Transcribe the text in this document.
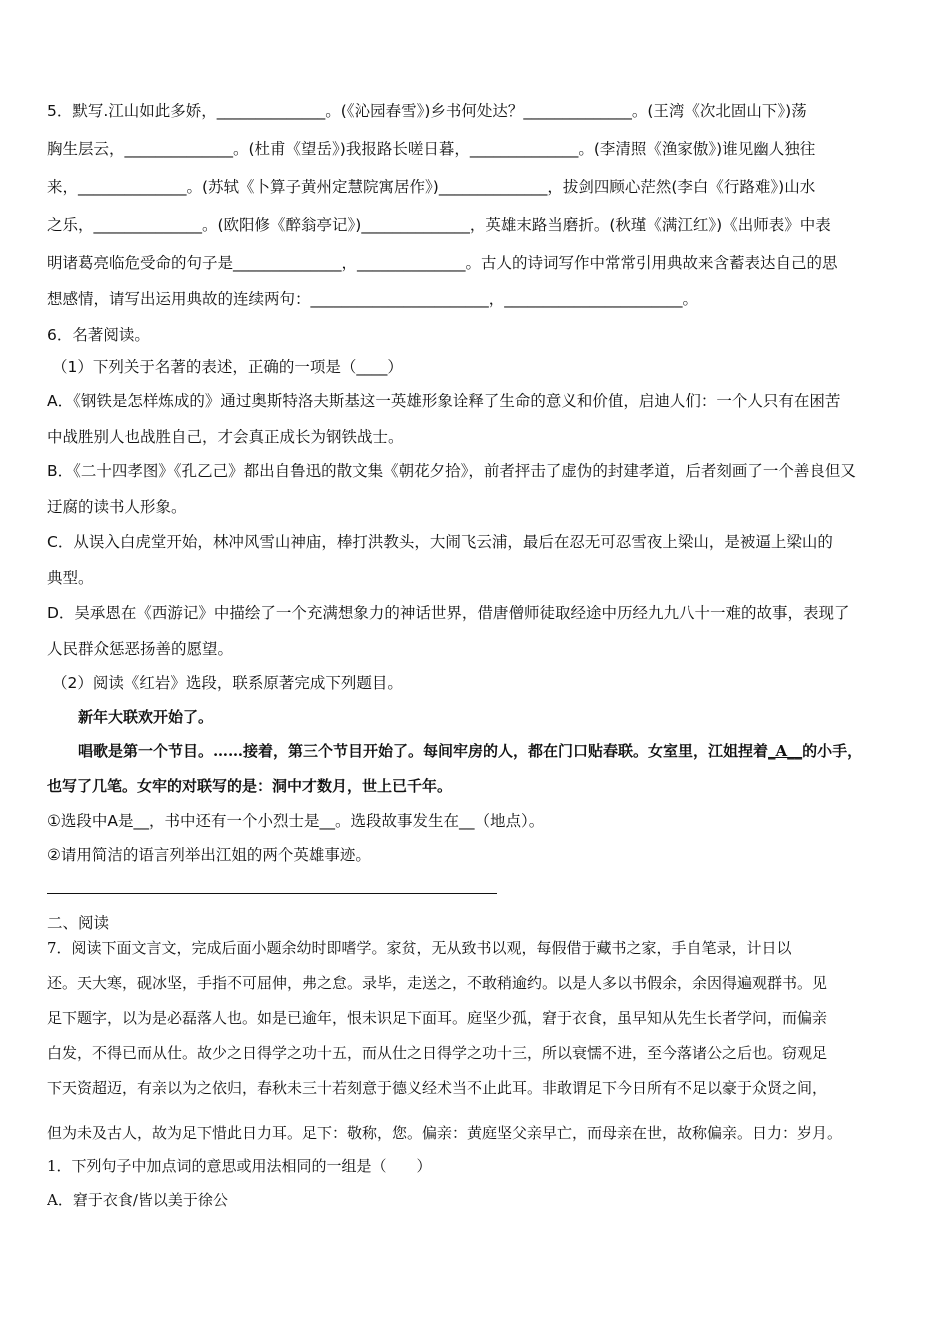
5．默写.江山如此多娇，______________。(《沁园春雪》)乡书何处达？______________。(王湾《次北固山下》)荡
胸生层云，______________。(杜甫《望岳》)我报路长嗟日暮，______________。(李清照《渔家傲》)谁见幽人独往
来，______________。(苏轼《卜算子黄州定慧院寓居作》)______________，拔剑四顾心茫然(李白《行路难》)山水
之乐，______________。(欧阳修《醉翁亭记》)______________，英雄末路当磨折。(秋瑾《满江红》)《出师表》中表
明诸葛亮临危受命的句子是______________，______________。古人的诗词写作中常常引用典故来含蓄表达自己的思
想感情，请写出运用典故的连续两句：_______________________，_______________________。
6．名著阅读。
（1）下列关于名著的表述，正确的一项是（____）
A．《钢铁是怎样炼成的》通过奥斯特洛夫斯基这一英雄形象诠释了生命的意义和价值，启迪人们：一个人只有在困苦
中战胜别人也战胜自己，才会真正成长为钢铁战士。
B．《二十四孝图》《孔乙己》都出自鲁迅的散文集《朝花夕拾》，前者抨击了虚伪的封建孝道，后者刻画了一个善良但又
迂腐的读书人形象。
C．从误入白虎堂开始，林冲风雪山神庙，棒打洪教头，大闹飞云浦，最后在忍无可忍雪夜上梁山，是被逼上梁山的
典型。
D．吴承恩在《西游记》中描绘了一个充满想象力的神话世界，借唐僧师徒取经途中历经九九八十一难的故事，表现了
人民群众惩恶扬善的愿望。
（2）阅读《红岩》选段，联系原著完成下列题目。
新年大联欢开始了。
唱歌是第一个节目。……接着，第三个节目开始了。每间牢房的人，都在门口贴春联。女室里，江姐捏着_A__的小手，
也写了几笔。女牢的对联写的是：洞中才数月，世上已千年。
①选段中A是__，书中还有一个小烈士是__。选段故事发生在__（地点）。
②请用简洁的语言列举出江姐的两个英雄事迹。
二、阅读
7．阅读下面文言文，完成后面小题余幼时即嗜学。家贫，无从致书以观，每假借于藏书之家，手自笔录，计日以
还。天大寒，砚冰坚，手指不可屈伸，弗之怠。录毕，走送之，不敢稍逾约。以是人多以书假余，余因得遍观群书。见
足下题字，以为是必磊落人也。如是已逾年，恨未识足下面耳。庭坚少孤，窘于衣食，虽早知从先生长者学问，而偏亲
白发，不得已而从仕。故少之日得学之功十五，而从仕之日得学之功十三，所以衰懦不进，至今落诸公之后也。窃观足
下天资超迈，有亲以为之依归，春秋未三十若刻意于德义经术当不止此耳。非敢谓足下今日所有不足以豪于众贤之间，
但为未及古人，故为足下惜此日力耳。足下：敬称，您。偏亲：黄庭坚父亲早亡，而母亲在世，故称偏亲。日力：岁月。
1．下列句子中加点词的意思或用法相同的一组是（　　）
A．窘于衣食/皆以美于徐公
